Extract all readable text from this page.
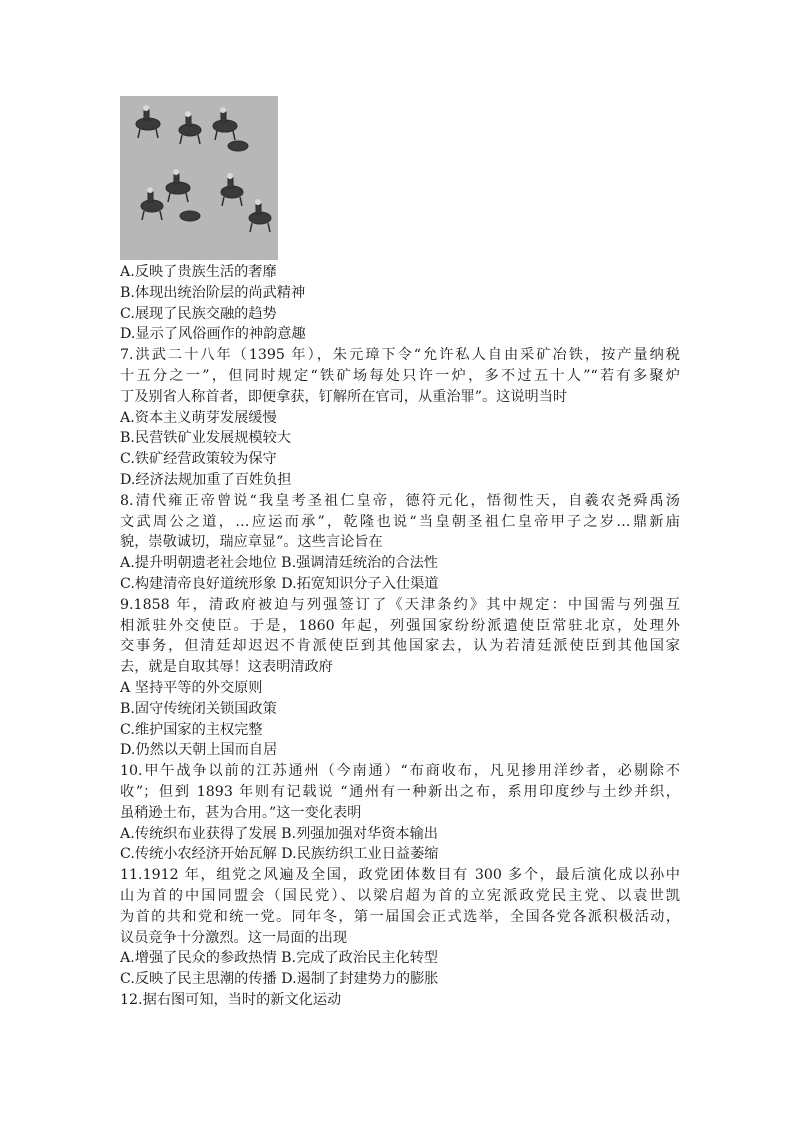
A.反映了贵族生活的奢靡
B.体现出统治阶层的尚武精神
C.展现了民族交融的趋势
D.显示了风俗画作的神韵意趣
7.洪武二十八年（1395 年），朱元璋下令“允许私人自由采矿冶铁，按产量纳税
十五分之一”，但同时规定“铁矿场每处只许一炉，多不过五十人”“若有多聚炉
丁及别省人称首者，即便拿获，钉解所在官司，从重治罪”。这说明当时
A.资本主义萌芽发展缓慢
B.民营铁矿业发展规模较大
C.铁矿经营政策较为保守
D.经济法规加重了百姓负担
8.清代雍正帝曾说“我皇考圣祖仁皇帝，德符元化，悟彻性天，自羲农尧舜禹汤
文武周公之道，…应运而承”，乾隆也说“当皇朝圣祖仁皇帝甲子之岁…鼎新庙
貌，崇敬诚切，瑞应章显”。这些言论旨在
A.提升明朝遗老社会地位 B.强调清廷统治的合法性
C.构建清帝良好道统形象 D.拓宽知识分子入仕渠道
9.1858 年，清政府被迫与列强签订了《天津条约》其中规定：中国需与列强互
相派驻外交使臣。于是，1860 年起，列强国家纷纷派遣使臣常驻北京，处理外
交事务，但清廷却迟迟不肯派使臣到其他国家去，认为若清廷派使臣到其他国家
去，就是自取其辱！这表明清政府
A 坚持平等的外交原则
B.固守传统闭关锁国政策
C.维护国家的主权完整
D.仍然以天朝上国而自居
10.甲午战争以前的江苏通州（今南通）“布商收布，凡见掺用洋纱者，必剔除不
收”；但到 1893 年则有记载说 “通州有一种新出之布，系用印度纱与土纱并织，
虽稍逊土布，甚为合用。”这一变化表明
A.传统织布业获得了发展 B.列强加强对华资本输出
C.传统小农经济开始瓦解 D.民族纺织工业日益萎缩
11.1912 年，组党之风遍及全国，政党团体数目有 300 多个，最后演化成以孙中
山为首的中国同盟会（国民党）、以梁启超为首的立宪派政党民主党、以袁世凯
为首的共和党和统一党。同年冬，第一届国会正式选举，全国各党各派积极活动，
议员竞争十分激烈。这一局面的出现
A.增强了民众的参政热情 B.完成了政治民主化转型
C.反映了民主思潮的传播 D.遏制了封建势力的膨胀
12.据右图可知，当时的新文化运动
